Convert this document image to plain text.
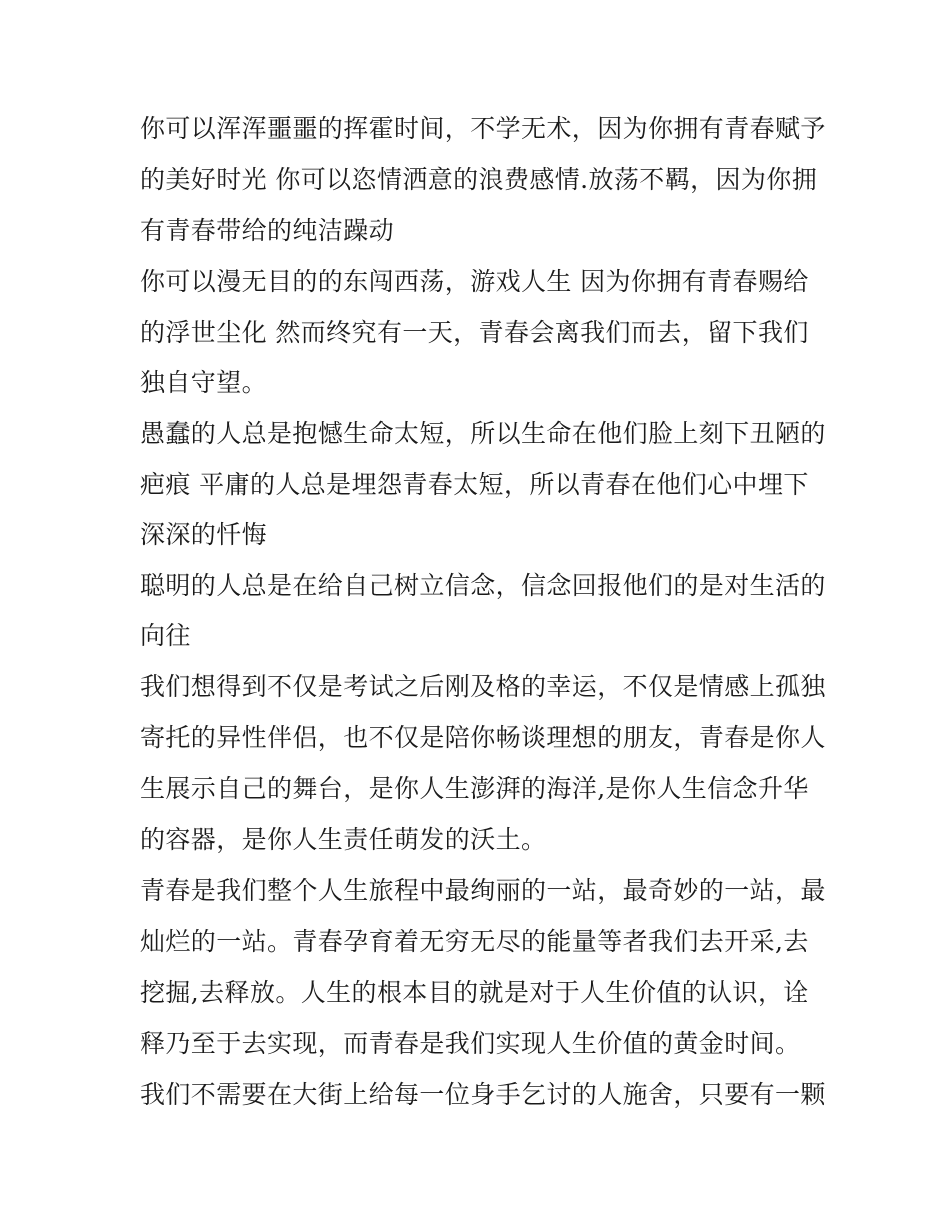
你可以浑浑噩噩的挥霍时间，不学无术，因为你拥有青春赋予

的美好时光 你可以恣情洒意的浪费感情.放荡不羁，因为你拥

有青春带给的纯洁躁动

你可以漫无目的的东闯西荡，游戏人生 因为你拥有青春赐给

的浮世尘化 然而终究有一天，青春会离我们而去，留下我们

独自守望。

愚蠢的人总是抱憾生命太短，所以生命在他们脸上刻下丑陋的

疤痕 平庸的人总是埋怨青春太短，所以青春在他们心中埋下

深深的忏悔

聪明的人总是在给自己树立信念，信念回报他们的是对生活的

向往

我们想得到不仅是考试之后刚及格的幸运，不仅是情感上孤独

寄托的异性伴侣，也不仅是陪你畅谈理想的朋友，青春是你人

生展示自己的舞台，是你人生澎湃的海洋,是你人生信念升华

的容器，是你人生责任萌发的沃土。

青春是我们整个人生旅程中最绚丽的一站，最奇妙的一站，最

灿烂的一站。青春孕育着无穷无尽的能量等者我们去开采,去

挖掘,去释放。人生的根本目的就是对于人生价值的认识，诠

释乃至于去实现，而青春是我们实现人生价值的黄金时间。

我们不需要在大街上给每一位身手乞讨的人施舍，只要有一颗
